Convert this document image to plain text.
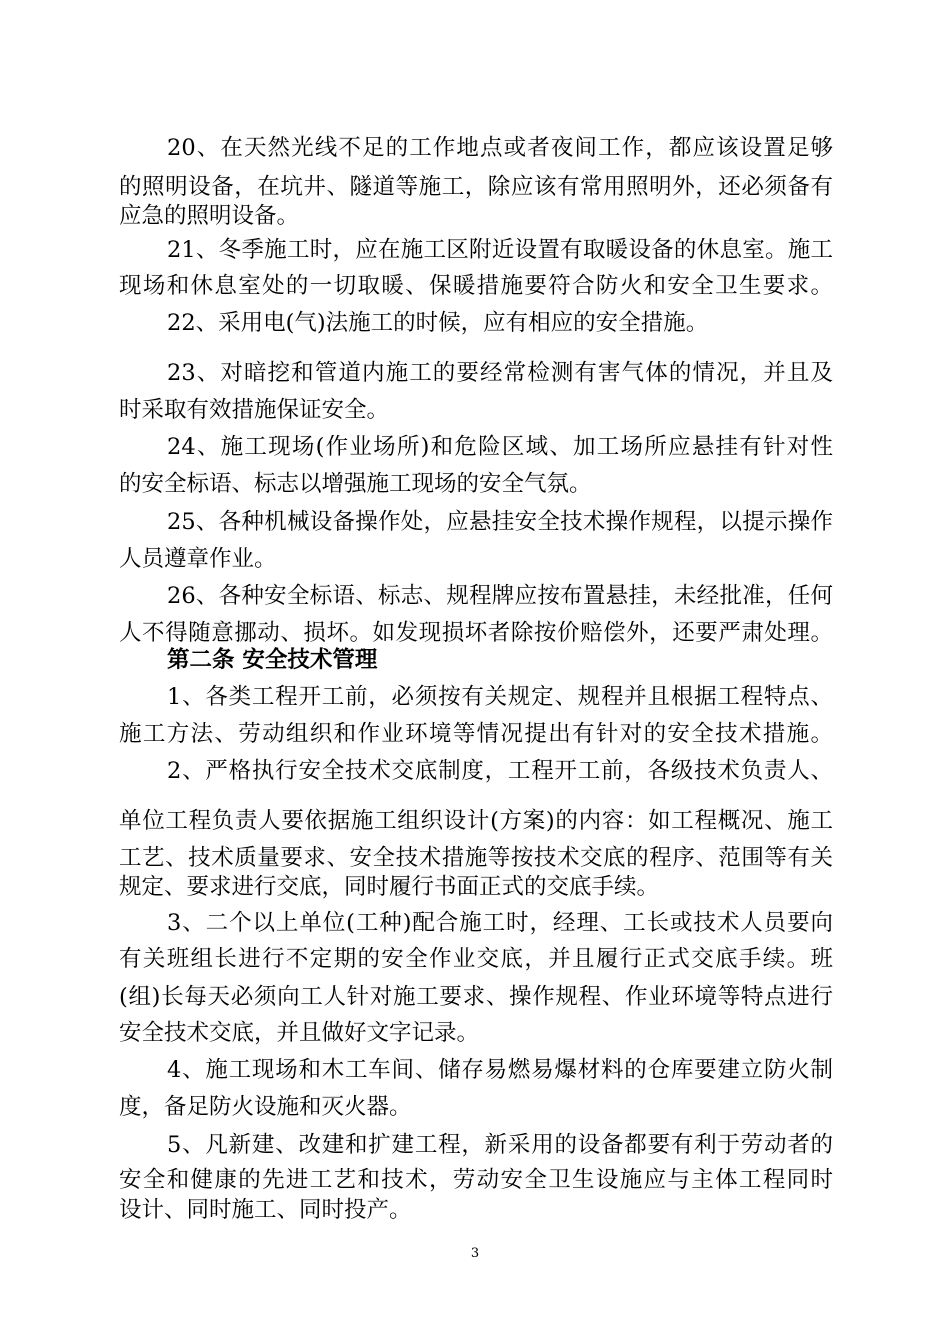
20、在天然光线不足的工作地点或者夜间工作，都应该设置足够
的照明设备，在坑井、隧道等施工，除应该有常用照明外，还必须备有
应急的照明设备。
21、冬季施工时，应在施工区附近设置有取暖设备的休息室。施工
现场和休息室处的一切取暖、保暖措施要符合防火和安全卫生要求。
22、采用电(气)法施工的时候，应有相应的安全措施。
23、对暗挖和管道内施工的要经常检测有害气体的情况，并且及
时采取有效措施保证安全。
24、施工现场(作业场所)和危险区域、加工场所应悬挂有针对性
的安全标语、标志以增强施工现场的安全气氛。
25、各种机械设备操作处，应悬挂安全技术操作规程，以提示操作
人员遵章作业。
26、各种安全标语、标志、规程牌应按布置悬挂，未经批准，任何
人不得随意挪动、损坏。如发现损坏者除按价赔偿外，还要严肃处理。
第二条 安全技术管理
1、各类工程开工前，必须按有关规定、规程并且根据工程特点、
施工方法、劳动组织和作业环境等情况提出有针对的安全技术措施。
2、严格执行安全技术交底制度，工程开工前，各级技术负责人、
单位工程负责人要依据施工组织设计(方案)的内容：如工程概况、施工
工艺、技术质量要求、安全技术措施等按技术交底的程序、范围等有关
规定、要求进行交底，同时履行书面正式的交底手续。
3、二个以上单位(工种)配合施工时，经理、工长或技术人员要向
有关班组长进行不定期的安全作业交底，并且履行正式交底手续。班
(组)长每天必须向工人针对施工要求、操作规程、作业环境等特点进行
安全技术交底，并且做好文字记录。
4、施工现场和木工车间、储存易燃易爆材料的仓库要建立防火制
度，备足防火设施和灭火器。
5、凡新建、改建和扩建工程，新采用的设备都要有利于劳动者的
安全和健康的先进工艺和技术，劳动安全卫生设施应与主体工程同时
设计、同时施工、同时投产。
3
